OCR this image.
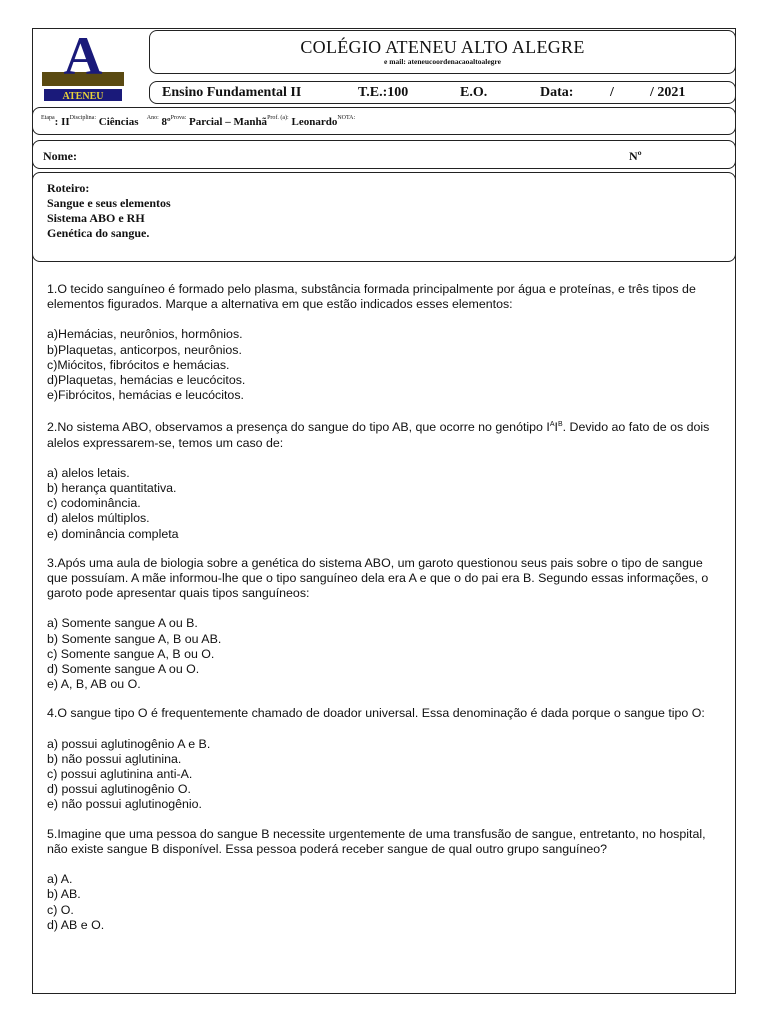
A
ATENEU
COLÉGIO ATENEU ALTO ALEGRE
e mail: ateneucoordenacaoaltoalegre
Ensino Fundamental II	T.E.:100	E.O.	Data:	/	/ 2021
$^{Etapa}$: $II^{Disciplina:}$ Ciências $^{Ano:}$ 8º$^{Prova:}$ Parcial – Manhã$^{Prof. (a):}$ Leonardo$^{NOTA:}$
Nome:	Nº
Roteiro:
Sangue e seus elementos
Sistema ABO e RH
Genética do sangue.

1.O tecido sanguíneo é formado pelo plasma, substância formada principalmente por água e proteínas, e três tipos de elementos figurados. Marque a alternativa em que estão indicados esses elementos:

a)Hemácias, neurônios, hormônios.
b)Plaquetas, anticorpos, neurônios.
c)Miócitos, fibrócitos e hemácias.
d)Plaquetas, hemácias e leucócitos.
e)Fibrócitos, hemácias e leucócitos.

2.No sistema ABO, observamos a presença do sangue do tipo AB, que ocorre no genótipo $I^AI^B$. Devido ao fato de os dois alelos expressarem-se, temos um caso de:

a) alelos letais.
b) herança quantitativa.
c) codominância.
d) alelos múltiplos.
e) dominância completa

3.Após uma aula de biologia sobre a genética do sistema ABO, um garoto questionou seus pais sobre o tipo de sangue que possuíam. A mãe informou-lhe que o tipo sanguíneo dela era A e que o do pai era B. Segundo essas informações, o garoto pode apresentar quais tipos sanguíneos:

a) Somente sangue A ou B.
b) Somente sangue A, B ou AB.
c) Somente sangue A, B ou O.
d) Somente sangue A ou O.
e) A, B, AB ou O.

4.O sangue tipo O é frequentemente chamado de doador universal. Essa denominação é dada porque o sangue tipo O:

a) possui aglutinogênio A e B.
b) não possui aglutinina.
c) possui aglutinina anti-A.
d) possui aglutinogênio O.
e) não possui aglutinogênio.

5.Imagine que uma pessoa do sangue B necessite urgentemente de uma transfusão de sangue, entretanto, no hospital, não existe sangue B disponível. Essa pessoa poderá receber sangue de qual outro grupo sanguíneo?

a) A.
b) AB.
c) O.
d) AB e O.
